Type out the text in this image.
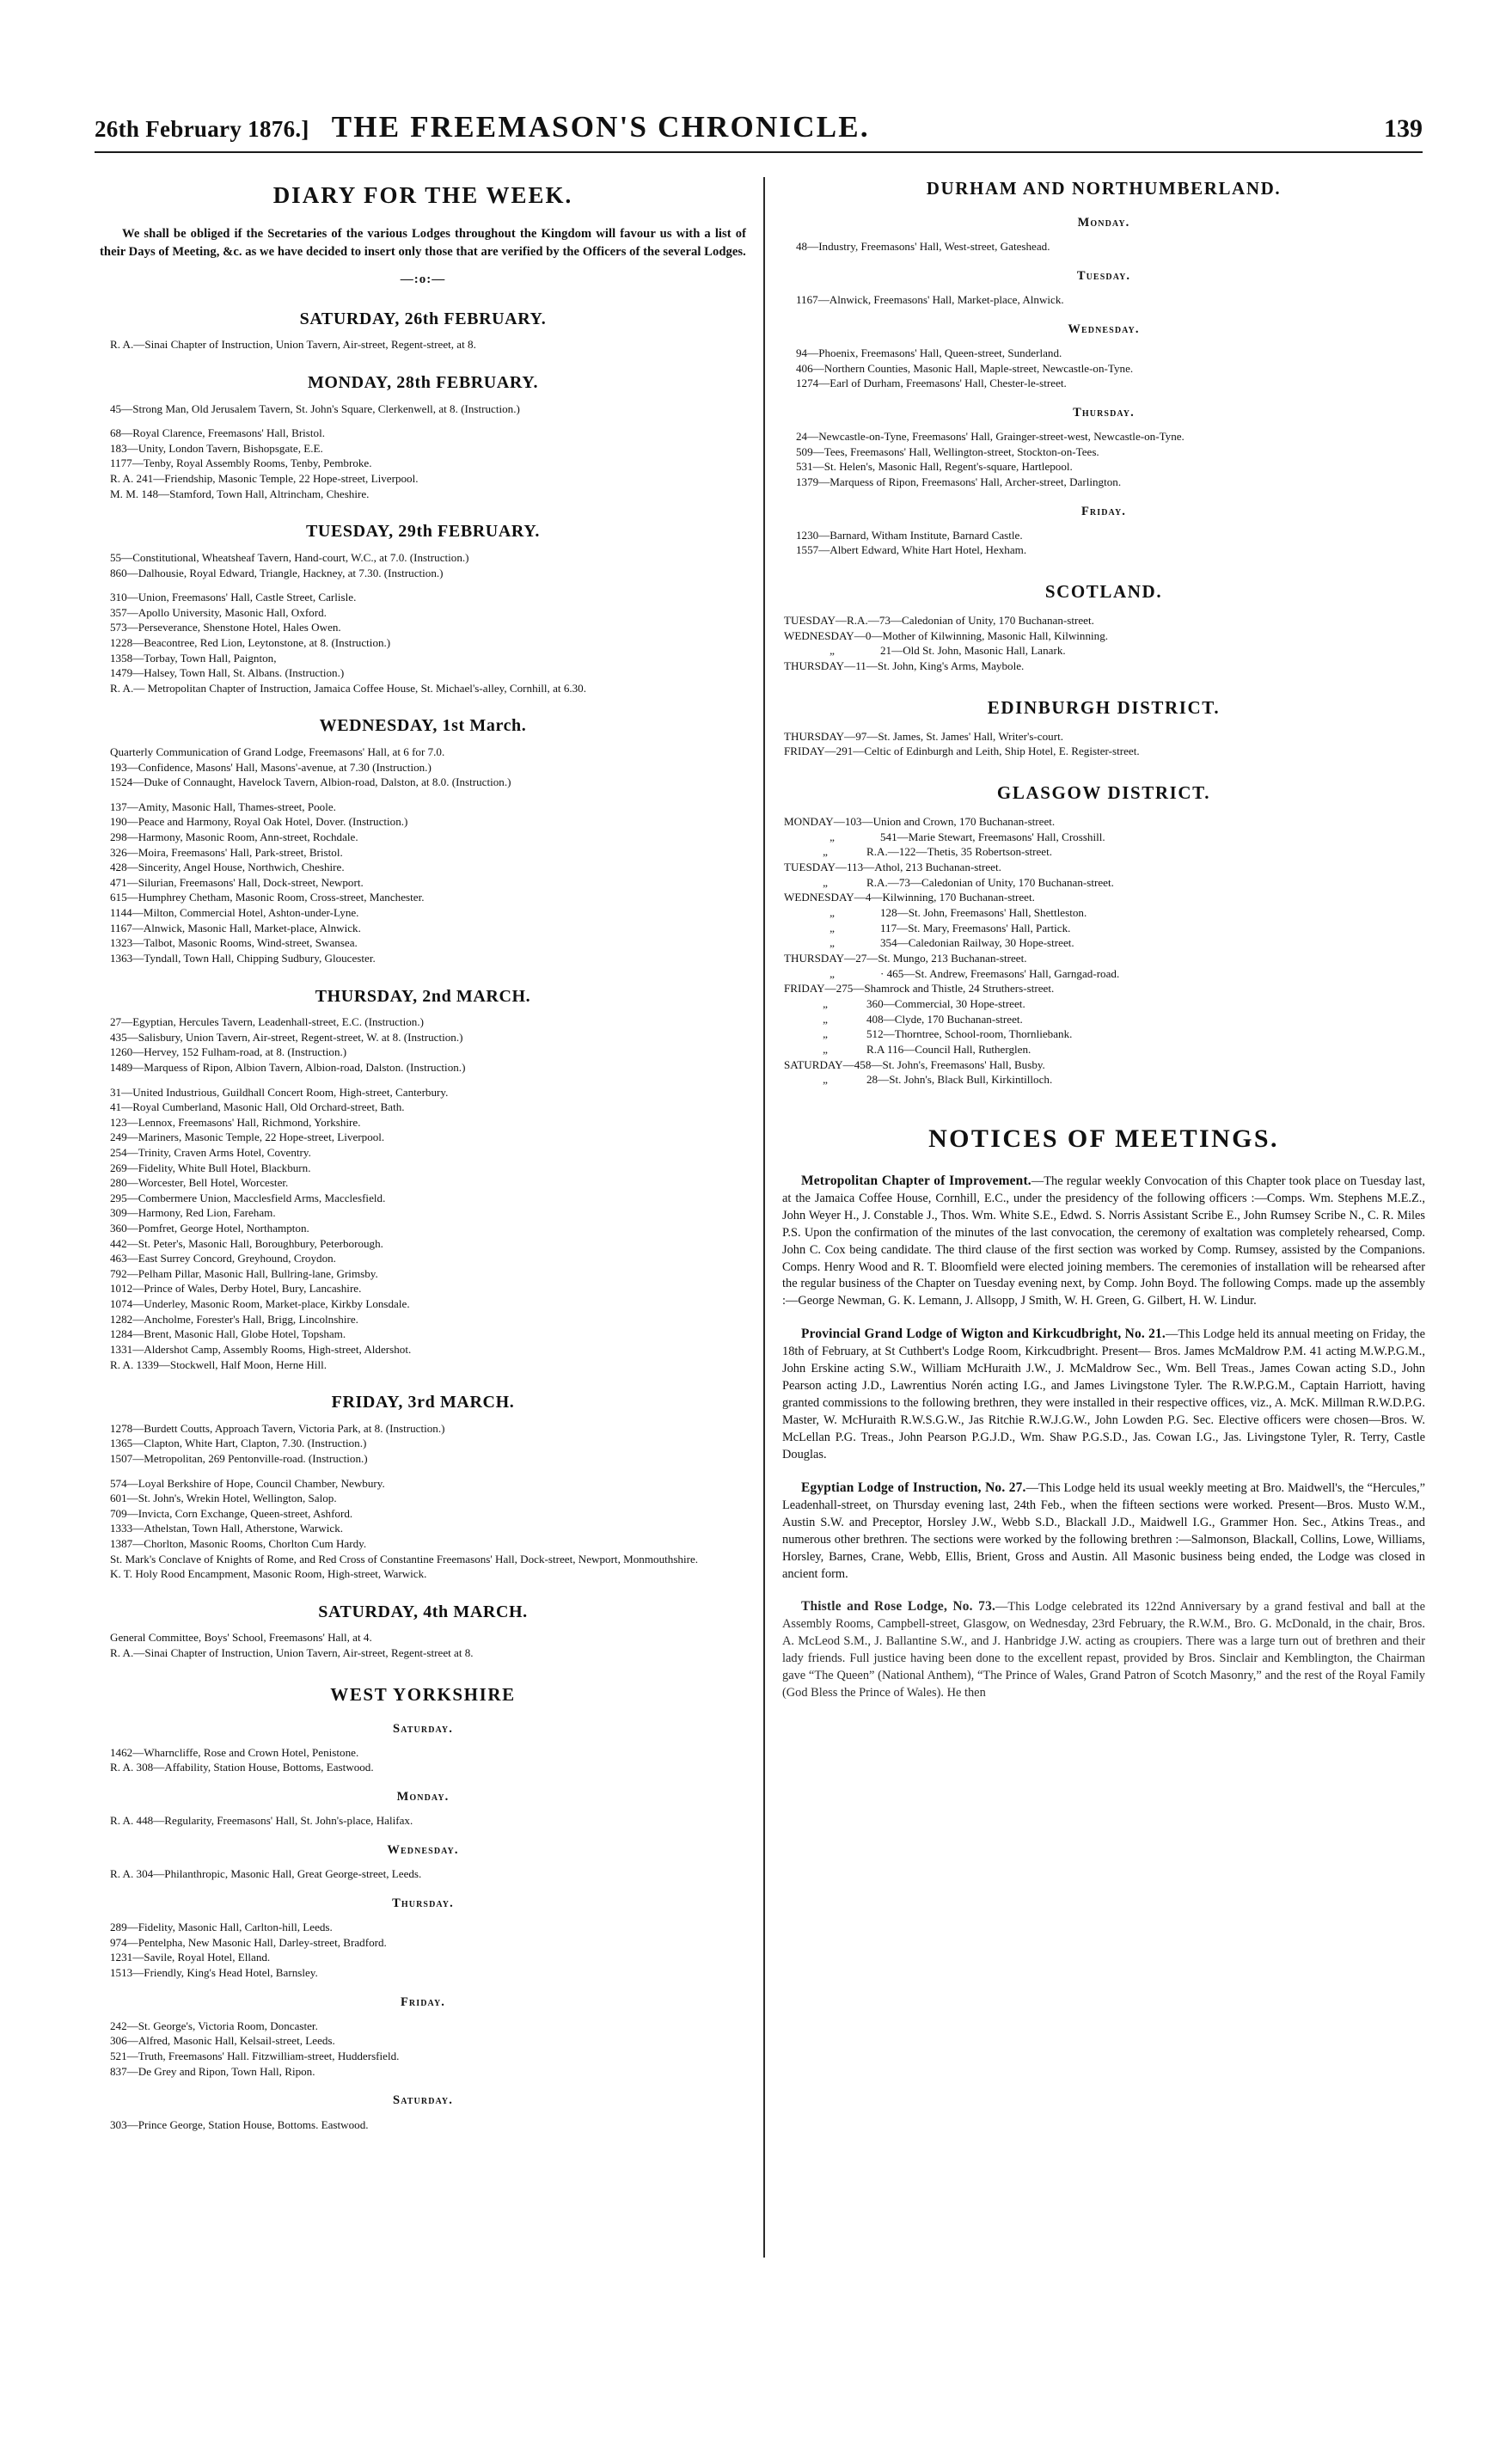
26th February 1876.] THE FREEMASON'S CHRONICLE.	139
DIARY FOR THE WEEK.

We shall be obliged if the Secretaries of the various Lodges throughout the Kingdom will favour us with a list of their Days of Meeting, &c. as we have decided to insert only those that are verified by the Officers of the several Lodges.

—:o:—
SATURDAY, 26th FEBRUARY.
R. A.—Sinai Chapter of Instruction, Union Tavern, Air-street, Regent-street, at 8.
MONDAY, 28th FEBRUARY.
45—Strong Man, Old Jerusalem Tavern, St. John's Square, Clerkenwell, at 8. (Instruction.)
68—Royal Clarence, Freemasons' Hall, Bristol.
183—Unity, London Tavern, Bishopsgate, E.E.
1177—Tenby, Royal Assembly Rooms, Tenby, Pembroke.
R. A. 241—Friendship, Masonic Temple, 22 Hope-street, Liverpool.
M. M. 148—Stamford, Town Hall, Altrincham, Cheshire.
TUESDAY, 29th FEBRUARY.
55—Constitutional, Wheatsheaf Tavern, Hand-court, W.C., at 7.0. (Instruction.)
860—Dalhousie, Royal Edward, Triangle, Hackney, at 7.30. (Instruction.)
310—Union, Freemasons' Hall, Castle Street, Carlisle.
357—Apollo University, Masonic Hall, Oxford.
573—Perseverance, Shenstone Hotel, Hales Owen.
1228—Beacontree, Red Lion, Leytonstone, at 8. (Instruction.)
1358—Torbay, Town Hall, Paignton,
1479—Halsey, Town Hall, St. Albans. (Instruction.)
R. A.— Metropolitan Chapter of Instruction, Jamaica Coffee House, St. Michael's-alley, Cornhill, at 6.30.
WEDNESDAY, 1st March.
Quarterly Communication of Grand Lodge, Freemasons' Hall, at 6 for 7.0.
193—Confidence, Masons' Hall, Masons'-avenue, at 7.30 (Instruction.)
1524—Duke of Connaught, Havelock Tavern, Albion-road, Dalston, at 8.0. (Instruction.)
137—Amity, Masonic Hall, Thames-street, Poole.
190—Peace and Harmony, Royal Oak Hotel, Dover. (Instruction.)
298—Harmony, Masonic Room, Ann-street, Rochdale.
326—Moira, Freemasons' Hall, Park-street, Bristol.
428—Sincerity, Angel House, Northwich, Cheshire.
471—Silurian, Freemasons' Hall, Dock-street, Newport.
615—Humphrey Chetham, Masonic Room, Cross-street, Manchester.
1144—Milton, Commercial Hotel, Ashton-under-Lyne.
1167—Alnwick, Masonic Hall, Market-place, Alnwick.
1323—Talbot, Masonic Rooms, Wind-street, Swansea.
1363—Tyndall, Town Hall, Chipping Sudbury, Gloucester.
THURSDAY, 2nd MARCH.
27—Egyptian, Hercules Tavern, Leadenhall-street, E.C. (Instruction.)
435—Salisbury, Union Tavern, Air-street, Regent-street, W. at 8. (Instruction.)
1260—Hervey, 152 Fulham-road, at 8. (Instruction.)
1489—Marquess of Ripon, Albion Tavern, Albion-road, Dalston. (Instruction.)
31—United Industrious, Guildhall Concert Room, High-street, Canterbury.
41—Royal Cumberland, Masonic Hall, Old Orchard-street, Bath.
123—Lennox, Freemasons' Hall, Richmond, Yorkshire.
249—Mariners, Masonic Temple, 22 Hope-street, Liverpool.
254—Trinity, Craven Arms Hotel, Coventry.
269—Fidelity, White Bull Hotel, Blackburn.
280—Worcester, Bell Hotel, Worcester.
295—Combermere Union, Macclesfield Arms, Macclesfield.
309—Harmony, Red Lion, Fareham.
360—Pomfret, George Hotel, Northampton.
442—St. Peter's, Masonic Hall, Boroughbury, Peterborough.
463—East Surrey Concord, Greyhound, Croydon.
792—Pelham Pillar, Masonic Hall, Bullring-lane, Grimsby.
1012—Prince of Wales, Derby Hotel, Bury, Lancashire.
1074—Underley, Masonic Room, Market-place, Kirkby Lonsdale.
1282—Ancholme, Forester's Hall, Brigg, Lincolnshire.
1284—Brent, Masonic Hall, Globe Hotel, Topsham.
1331—Aldershot Camp, Assembly Rooms, High-street, Aldershot.
R. A. 1339—Stockwell, Half Moon, Herne Hill.
FRIDAY, 3rd MARCH.
1278—Burdett Coutts, Approach Tavern, Victoria Park, at 8. (Instruction.)
1365—Clapton, White Hart, Clapton, 7.30. (Instruction.)
1507—Metropolitan, 269 Pentonville-road. (Instruction.)
574—Loyal Berkshire of Hope, Council Chamber, Newbury.
601—St. John's, Wrekin Hotel, Wellington, Salop.
709—Invicta, Corn Exchange, Queen-street, Ashford.
1333—Athelstan, Town Hall, Atherstone, Warwick.
1387—Chorlton, Masonic Rooms, Chorlton Cum Hardy.
St. Mark's Conclave of Knights of Rome, and Red Cross of Constantine Freemasons' Hall, Dock-street, Newport, Monmouthshire.
K. T. Holy Rood Encampment, Masonic Room, High-street, Warwick.
SATURDAY, 4th MARCH.
General Committee, Boys' School, Freemasons' Hall, at 4.
R. A.—Sinai Chapter of Instruction, Union Tavern, Air-street, Regent-street at 8.
WEST YORKSHIRE
Saturday.
1462—Wharncliffe, Rose and Crown Hotel, Penistone.
R. A. 308—Affability, Station House, Bottoms, Eastwood.
Monday.
R. A. 448—Regularity, Freemasons' Hall, St. John's-place, Halifax.
Wednesday.
R. A. 304—Philanthropic, Masonic Hall, Great George-street, Leeds.
Thursday.
289—Fidelity, Masonic Hall, Carlton-hill, Leeds.
974—Pentelpha, New Masonic Hall, Darley-street, Bradford.
1231—Savile, Royal Hotel, Elland.
1513—Friendly, King's Head Hotel, Barnsley.
Friday.
242—St. George's, Victoria Room, Doncaster.
306—Alfred, Masonic Hall, Kelsail-street, Leeds.
521—Truth, Freemasons' Hall. Fitzwilliam-street, Huddersfield.
837—De Grey and Ripon, Town Hall, Ripon.
Saturday.
303—Prince George, Station House, Bottoms. Eastwood.
DURHAM AND NORTHUMBERLAND.
Monday.
48—Industry, Freemasons' Hall, West-street, Gateshead.
Tuesday.
1167—Alnwick, Freemasons' Hall, Market-place, Alnwick.
Wednesday.
94—Phoenix, Freemasons' Hall, Queen-street, Sunderland.
406—Northern Counties, Masonic Hall, Maple-street, Newcastle-on-Tyne.
1274—Earl of Durham, Freemasons' Hall, Chester-le-street.
Thursday.
24—Newcastle-on-Tyne, Freemasons' Hall, Grainger-street-west, Newcastle-on-Tyne.
509—Tees, Freemasons' Hall, Wellington-street, Stockton-on-Tees.
531—St. Helen's, Masonic Hall, Regent's-square, Hartlepool.
1379—Marquess of Ripon, Freemasons' Hall, Archer-street, Darlington.
Friday.
1230—Barnard, Witham Institute, Barnard Castle.
1557—Albert Edward, White Hart Hotel, Hexham.
SCOTLAND.
TUESDAY—R.A.—73—Caledonian of Unity, 170 Buchanan-street.
WEDNESDAY—0—Mother of Kilwinning, Masonic Hall, Kilwinning.
„	21—Old St. John, Masonic Hall, Lanark.
THURSDAY—11—St. John, King's Arms, Maybole.
EDINBURGH DISTRICT.
THURSDAY—97—St. James, St. James' Hall, Writer's-court.
FRIDAY—291—Celtic of Edinburgh and Leith, Ship Hotel, E. Register-street.
GLASGOW DISTRICT.
MONDAY—103—Union and Crown, 170 Buchanan-street.
„	541—Marie Stewart, Freemasons' Hall, Crosshill.
„	R.A.—122—Thetis, 35 Robertson-street.
TUESDAY—113—Athol, 213 Buchanan-street.
„	R.A.—73—Caledonian of Unity, 170 Buchanan-street.
WEDNESDAY—4—Kilwinning, 170 Buchanan-street.
„	128—St. John, Freemasons' Hall, Shettleston.
„	117—St. Mary, Freemasons' Hall, Partick.
„	354—Caledonian Railway, 30 Hope-street.
THURSDAY—27—St. Mungo, 213 Buchanan-street.
„	· 465—St. Andrew, Freemasons' Hall, Garngad-road.
FRIDAY—275—Shamrock and Thistle, 24 Struthers-street.
„	360—Commercial, 30 Hope-street.
„	408—Clyde, 170 Buchanan-street.
„	512—Thorntree, School-room, Thornliebank.
„	R.A 116—Council Hall, Rutherglen.
SATURDAY—458—St. John's, Freemasons' Hall, Busby.
„	28—St. John's, Black Bull, Kirkintilloch.
NOTICES OF MEETINGS.

Metropolitan Chapter of Improvement.—The regular weekly Convocation of this Chapter took place on Tuesday last, at the Jamaica Coffee House, Cornhill, E.C., under the presidency of the following officers :—Comps. Wm. Stephens M.E.Z., John Weyer H., J. Constable J., Thos. Wm. White S.E., Edwd. S. Norris Assistant Scribe E., John Rumsey Scribe N., C. R. Miles P.S. Upon the confirmation of the minutes of the last convocation, the ceremony of exaltation was completely rehearsed, Comp. John C. Cox being candidate. The third clause of the first section was worked by Comp. Rumsey, assisted by the Companions. Comps. Henry Wood and R. T. Bloomfield were elected joining members. The ceremonies of installation will be rehearsed after the regular business of the Chapter on Tuesday evening next, by Comp. John Boyd. The following Comps. made up the assembly :—George Newman, G. K. Lemann, J. Allsopp, J Smith, W. H. Green, G. Gilbert, H. W. Lindur.

Provincial Grand Lodge of Wigton and Kirkcudbright, No. 21.—This Lodge held its annual meeting on Friday, the 18th of February, at St Cuthbert's Lodge Room, Kirkcudbright. Present— Bros. James McMaldrow P.M. 41 acting M.W.P.G.M., John Erskine acting S.W., William McHuraith J.W., J. McMaldrow Sec., Wm. Bell Treas., James Cowan acting S.D., John Pearson acting J.D., Lawrentius Norén acting I.G., and James Livingstone Tyler. The R.W.P.G.M., Captain Harriott, having granted commissions to the following brethren, they were installed in their respective offices, viz., A. McK. Millman R.W.D.P.G. Master, W. McHuraith R.W.S.G.W., Jas Ritchie R.W.J.G.W., John Lowden P.G. Sec. Elective officers were chosen—Bros. W. McLellan P.G. Treas., John Pearson P.G.J.D., Wm. Shaw P.G.S.D., Jas. Cowan I.G., Jas. Livingstone Tyler, R. Terry, Castle Douglas.

Egyptian Lodge of Instruction, No. 27.—This Lodge held its usual weekly meeting at Bro. Maidwell's, the “Hercules,” Leadenhall-street, on Thursday evening last, 24th Feb., when the fifteen sections were worked. Present—Bros. Musto W.M., Austin S.W. and Preceptor, Horsley J.W., Webb S.D., Blackall J.D., Maidwell I.G., Grammer Hon. Sec., Atkins Treas., and numerous other brethren. The sections were worked by the following brethren :—Salmonson, Blackall, Collins, Lowe, Williams, Horsley, Barnes, Crane, Webb, Ellis, Brient, Gross and Austin. All Masonic business being ended, the Lodge was closed in ancient form.

Thistle and Rose Lodge, No. 73.—This Lodge celebrated its 122nd Anniversary by a grand festival and ball at the Assembly Rooms, Campbell-street, Glasgow, on Wednesday, 23rd February, the R.W.M., Bro. G. McDonald, in the chair, Bros. A. McLeod S.M., J. Ballantine S.W., and J. Hanbridge J.W. acting as croupiers. There was a large turn out of brethren and their lady friends. Full justice having been done to the excellent repast, provided by Bros. Sinclair and Kemblington, the Chairman gave “The Queen” (National Anthem), “The Prince of Wales, Grand Patron of Scotch Masonry,” and the rest of the Royal Family (God Bless the Prince of Wales). He then
